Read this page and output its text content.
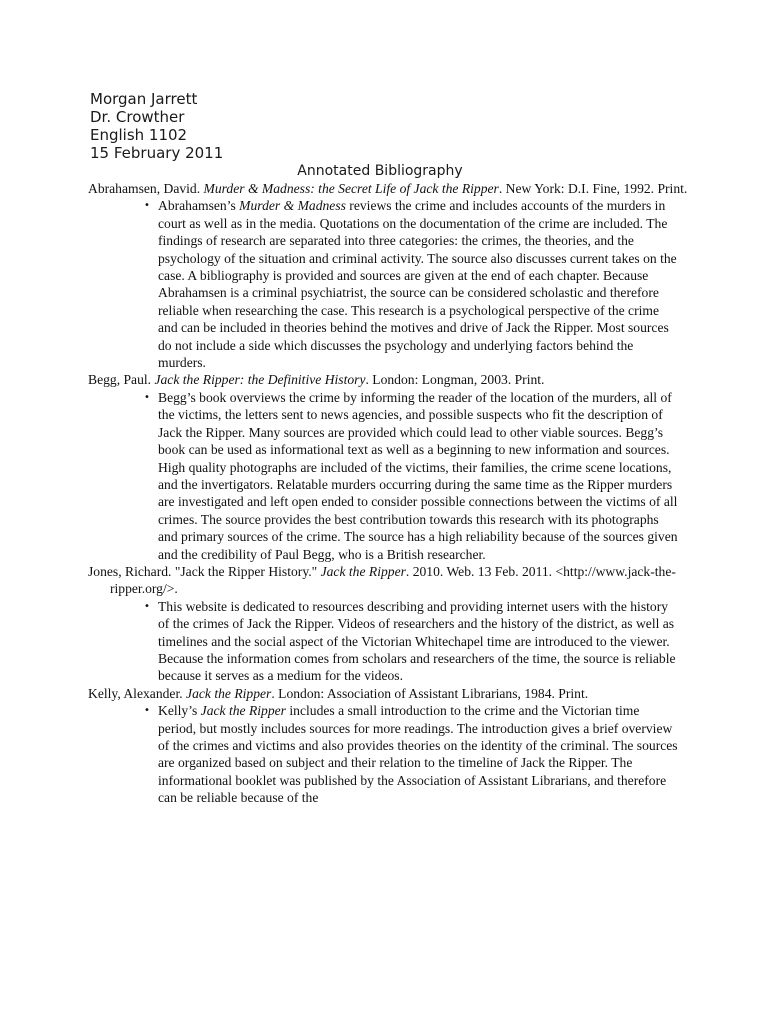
Morgan Jarrett

Dr. Crowther

English 1102

15 February 2011

Annotated Bibliography

Abrahamsen, David. Murder & Madness: the Secret Life of Jack the Ripper. New York: D.I. Fine, 1992. Print.

• Abrahamsen’s Murder & Madness reviews the crime and includes accounts of the murders in court as well as in the media. Quotations on the documentation of the crime are included. The findings of research are separated into three categories: the crimes, the theories, and the psychology of the situation and criminal activity. The source also discusses current takes on the case. A bibliography is provided and sources are given at the end of each chapter. Because Abrahamsen is a criminal psychiatrist, the source can be considered scholastic and therefore reliable when researching the case. This research is a psychological perspective of the crime and can be included in theories behind the motives and drive of Jack the Ripper. Most sources do not include a side which discusses the psychology and underlying factors behind the murders.

Begg, Paul. Jack the Ripper: the Definitive History. London: Longman, 2003. Print.

• Begg’s book overviews the crime by informing the reader of the location of the murders, all of the victims, the letters sent to news agencies, and possible suspects who fit the description of Jack the Ripper. Many sources are provided which could lead to other viable sources. Begg’s book can be used as informational text as well as a beginning to new information and sources. High quality photographs are included of the victims, their families, the crime scene locations, and the invertigators. Relatable murders occurring during the same time as the Ripper murders are investigated and left open ended to consider possible connections between the victims of all crimes. The source provides the best contribution towards this research with its photographs and primary sources of the crime. The source has a high reliability because of the sources given and the credibility of Paul Begg, who is a British researcher.

Jones, Richard. "Jack the Ripper History." Jack the Ripper. 2010. Web. 13 Feb. 2011. <http://www.jack-the-ripper.org/>.

• This website is dedicated to resources describing and providing internet users with the history of the crimes of Jack the Ripper. Videos of researchers and the history of the district, as well as timelines and the social aspect of the Victorian Whitechapel time are introduced to the viewer. Because the information comes from scholars and researchers of the time, the source is reliable because it serves as a medium for the videos.

Kelly, Alexander. Jack the Ripper. London: Association of Assistant Librarians, 1984. Print.

• Kelly’s Jack the Ripper includes a small introduction to the crime and the Victorian time period, but mostly includes sources for more readings. The introduction gives a brief overview of the crimes and victims and also provides theories on the identity of the criminal. The sources are organized based on subject and their relation to the timeline of Jack the Ripper. The informational booklet was published by the Association of Assistant Librarians, and therefore can be reliable because of the
